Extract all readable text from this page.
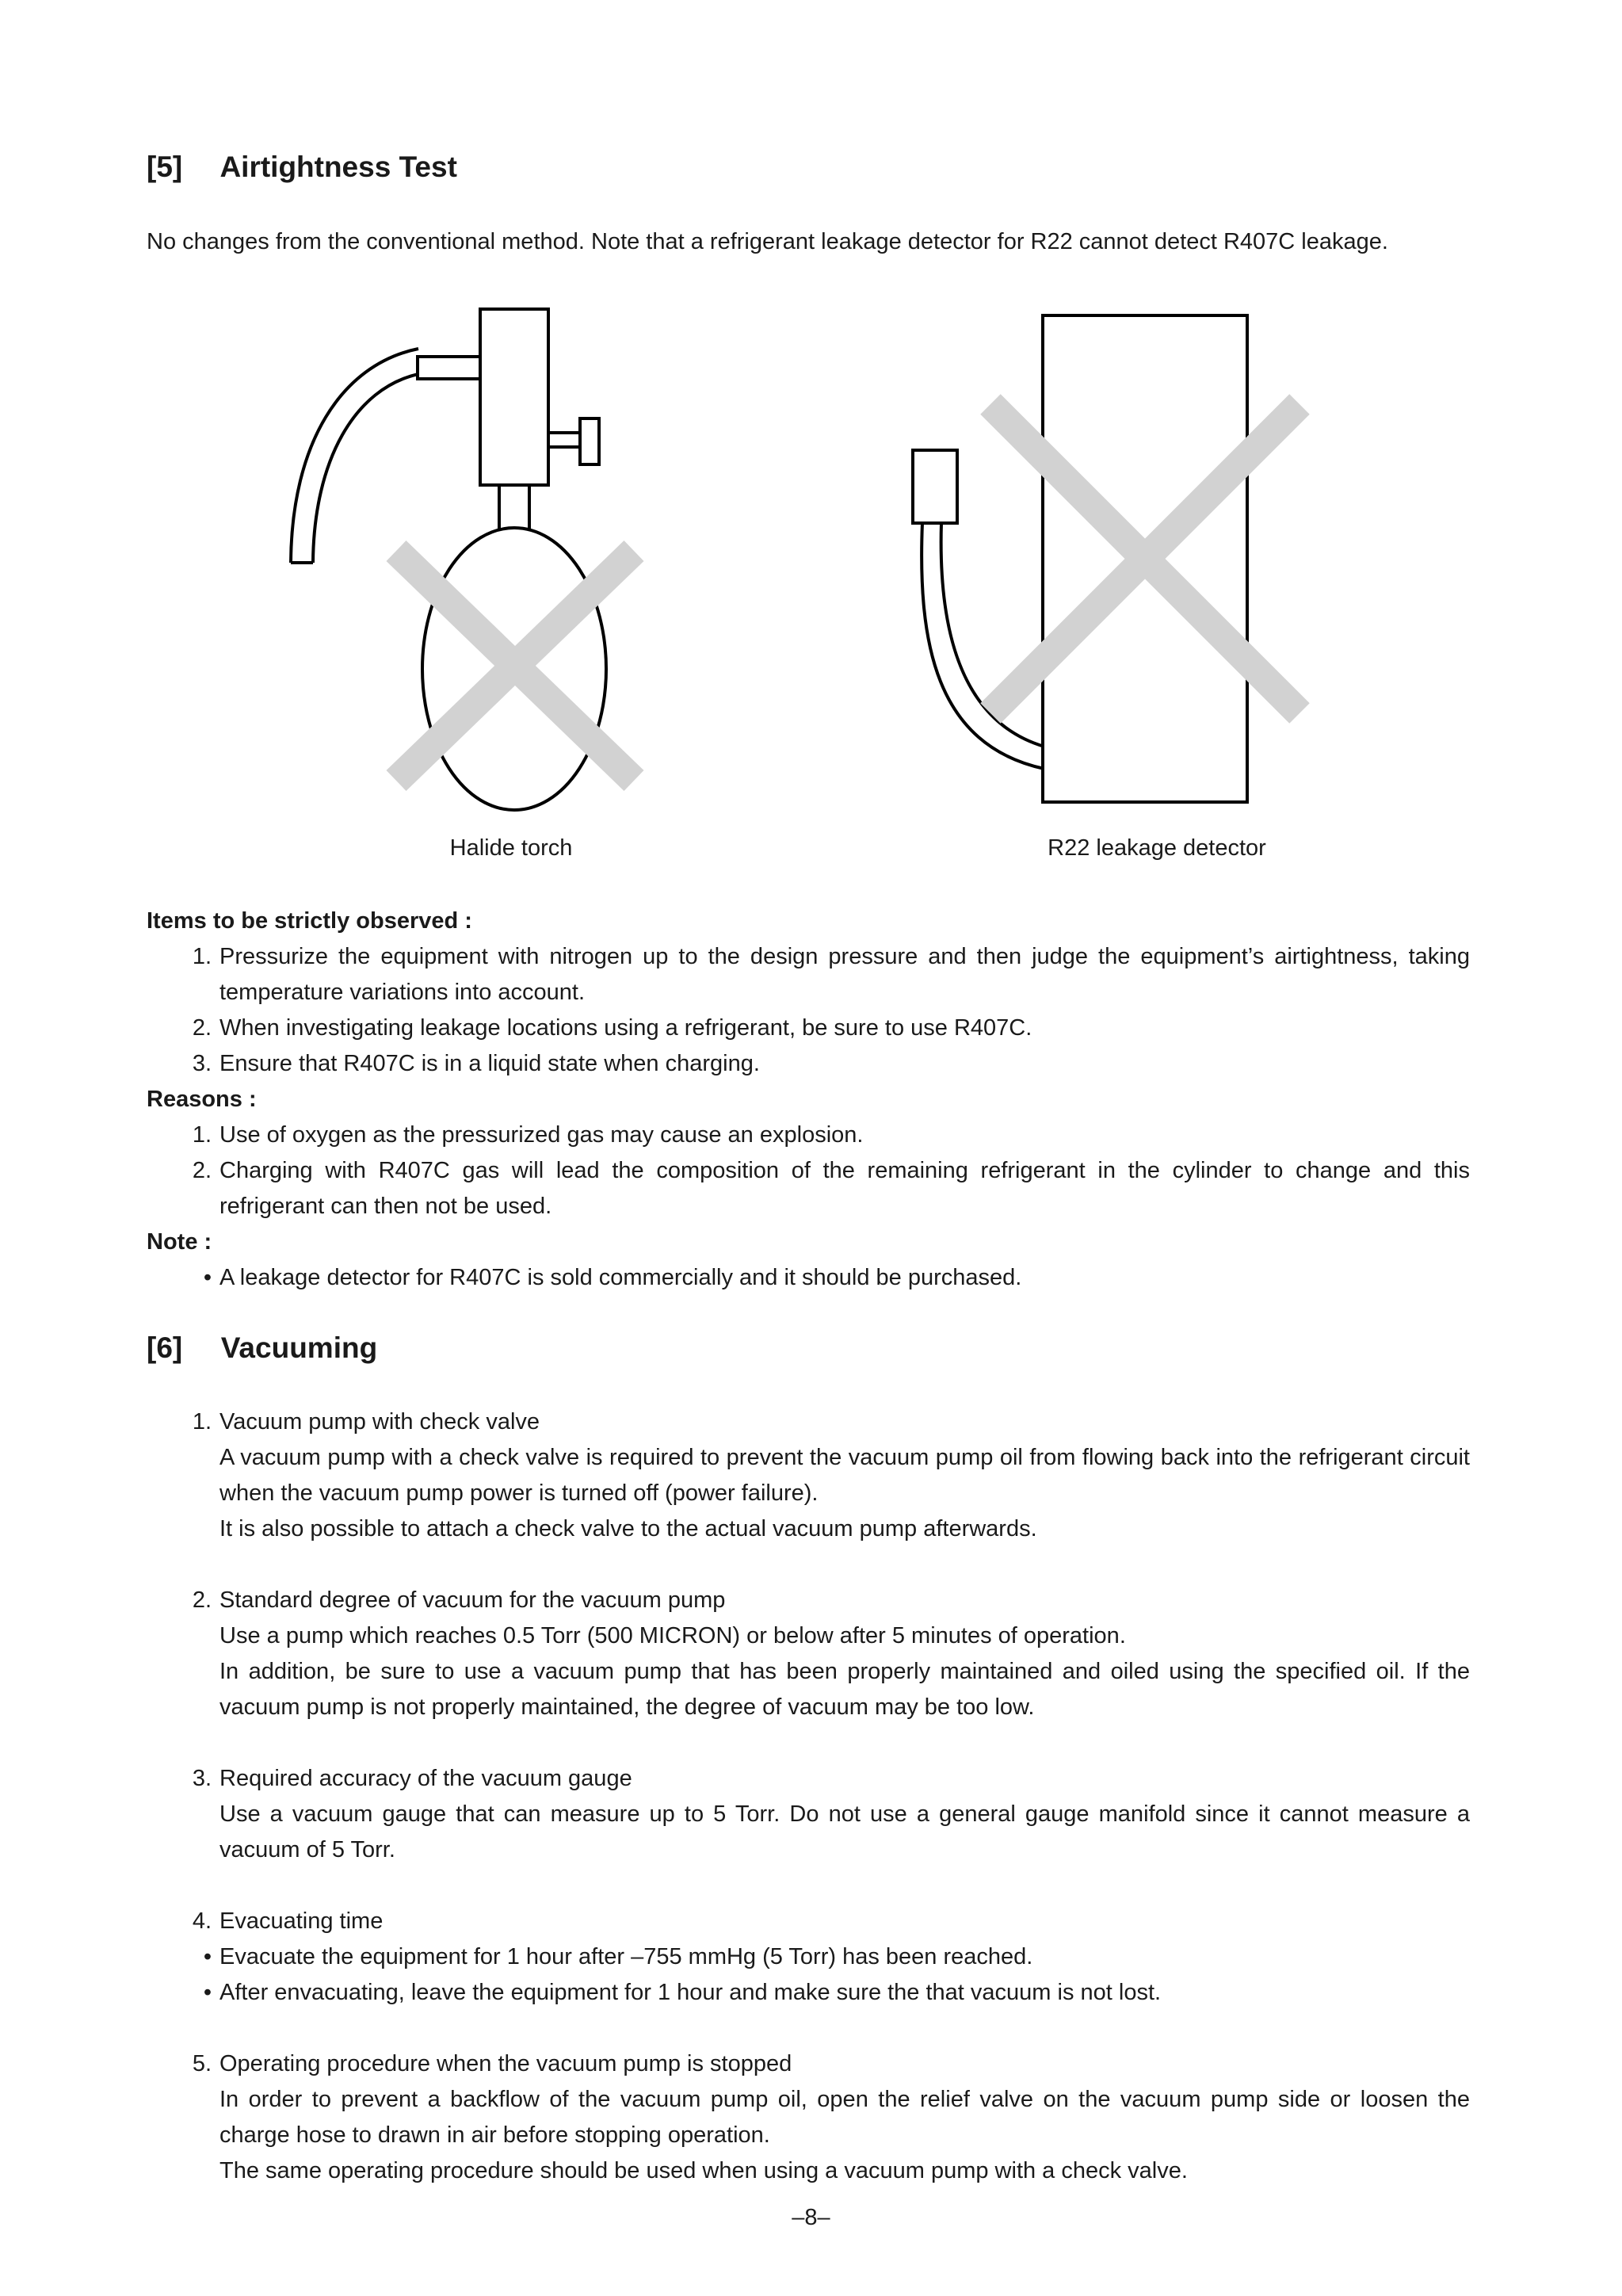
[5] Airtightness Test

No changes from the conventional method. Note that a refrigerant leakage detector for R22 cannot detect R407C leakage.

Halide torch	R22 leakage detector
Items to be strictly observed :
1. Pressurize the equipment with nitrogen up to the design pressure and then judge the equipment’s airtightness, taking temperature variations into account.
2. When investigating leakage locations using a refrigerant, be sure to use R407C.
3. Ensure that R407C is in a liquid state when charging.
Reasons :
1. Use of oxygen as the pressurized gas may cause an explosion.
2. Charging with R407C gas will lead the composition of the remaining refrigerant in the cylinder to change and this refrigerant can then not be used.
Note :
• A leakage detector for R407C is sold commercially and it should be purchased.
[6] Vacuuming
1. Vacuum pump with check valve
A vacuum pump with a check valve is required to prevent the vacuum pump oil from flowing back into the refrigerant circuit when the vacuum pump power is turned off (power failure).
It is also possible to attach a check valve to the actual vacuum pump afterwards.
2. Standard degree of vacuum for the vacuum pump
Use a pump which reaches 0.5 Torr (500 MICRON) or below after 5 minutes of operation.
In addition, be sure to use a vacuum pump that has been properly maintained and oiled using the specified oil. If the vacuum pump is not properly maintained, the degree of vacuum may be too low.
3. Required accuracy of the vacuum gauge
Use a vacuum gauge that can measure up to 5 Torr. Do not use a general gauge manifold since it cannot measure a vacuum of 5 Torr.
4. Evacuating time
• Evacuate the equipment for 1 hour after –755 mmHg (5 Torr) has been reached.
• After envacuating, leave the equipment for 1 hour and make sure the that vacuum is not lost.
5. Operating procedure when the vacuum pump is stopped
In order to prevent a backflow of the vacuum pump oil, open the relief valve on the vacuum pump side or loosen the charge hose to drawn in air before stopping operation.
The same operating procedure should be used when using a vacuum pump with a check valve.
–8–
